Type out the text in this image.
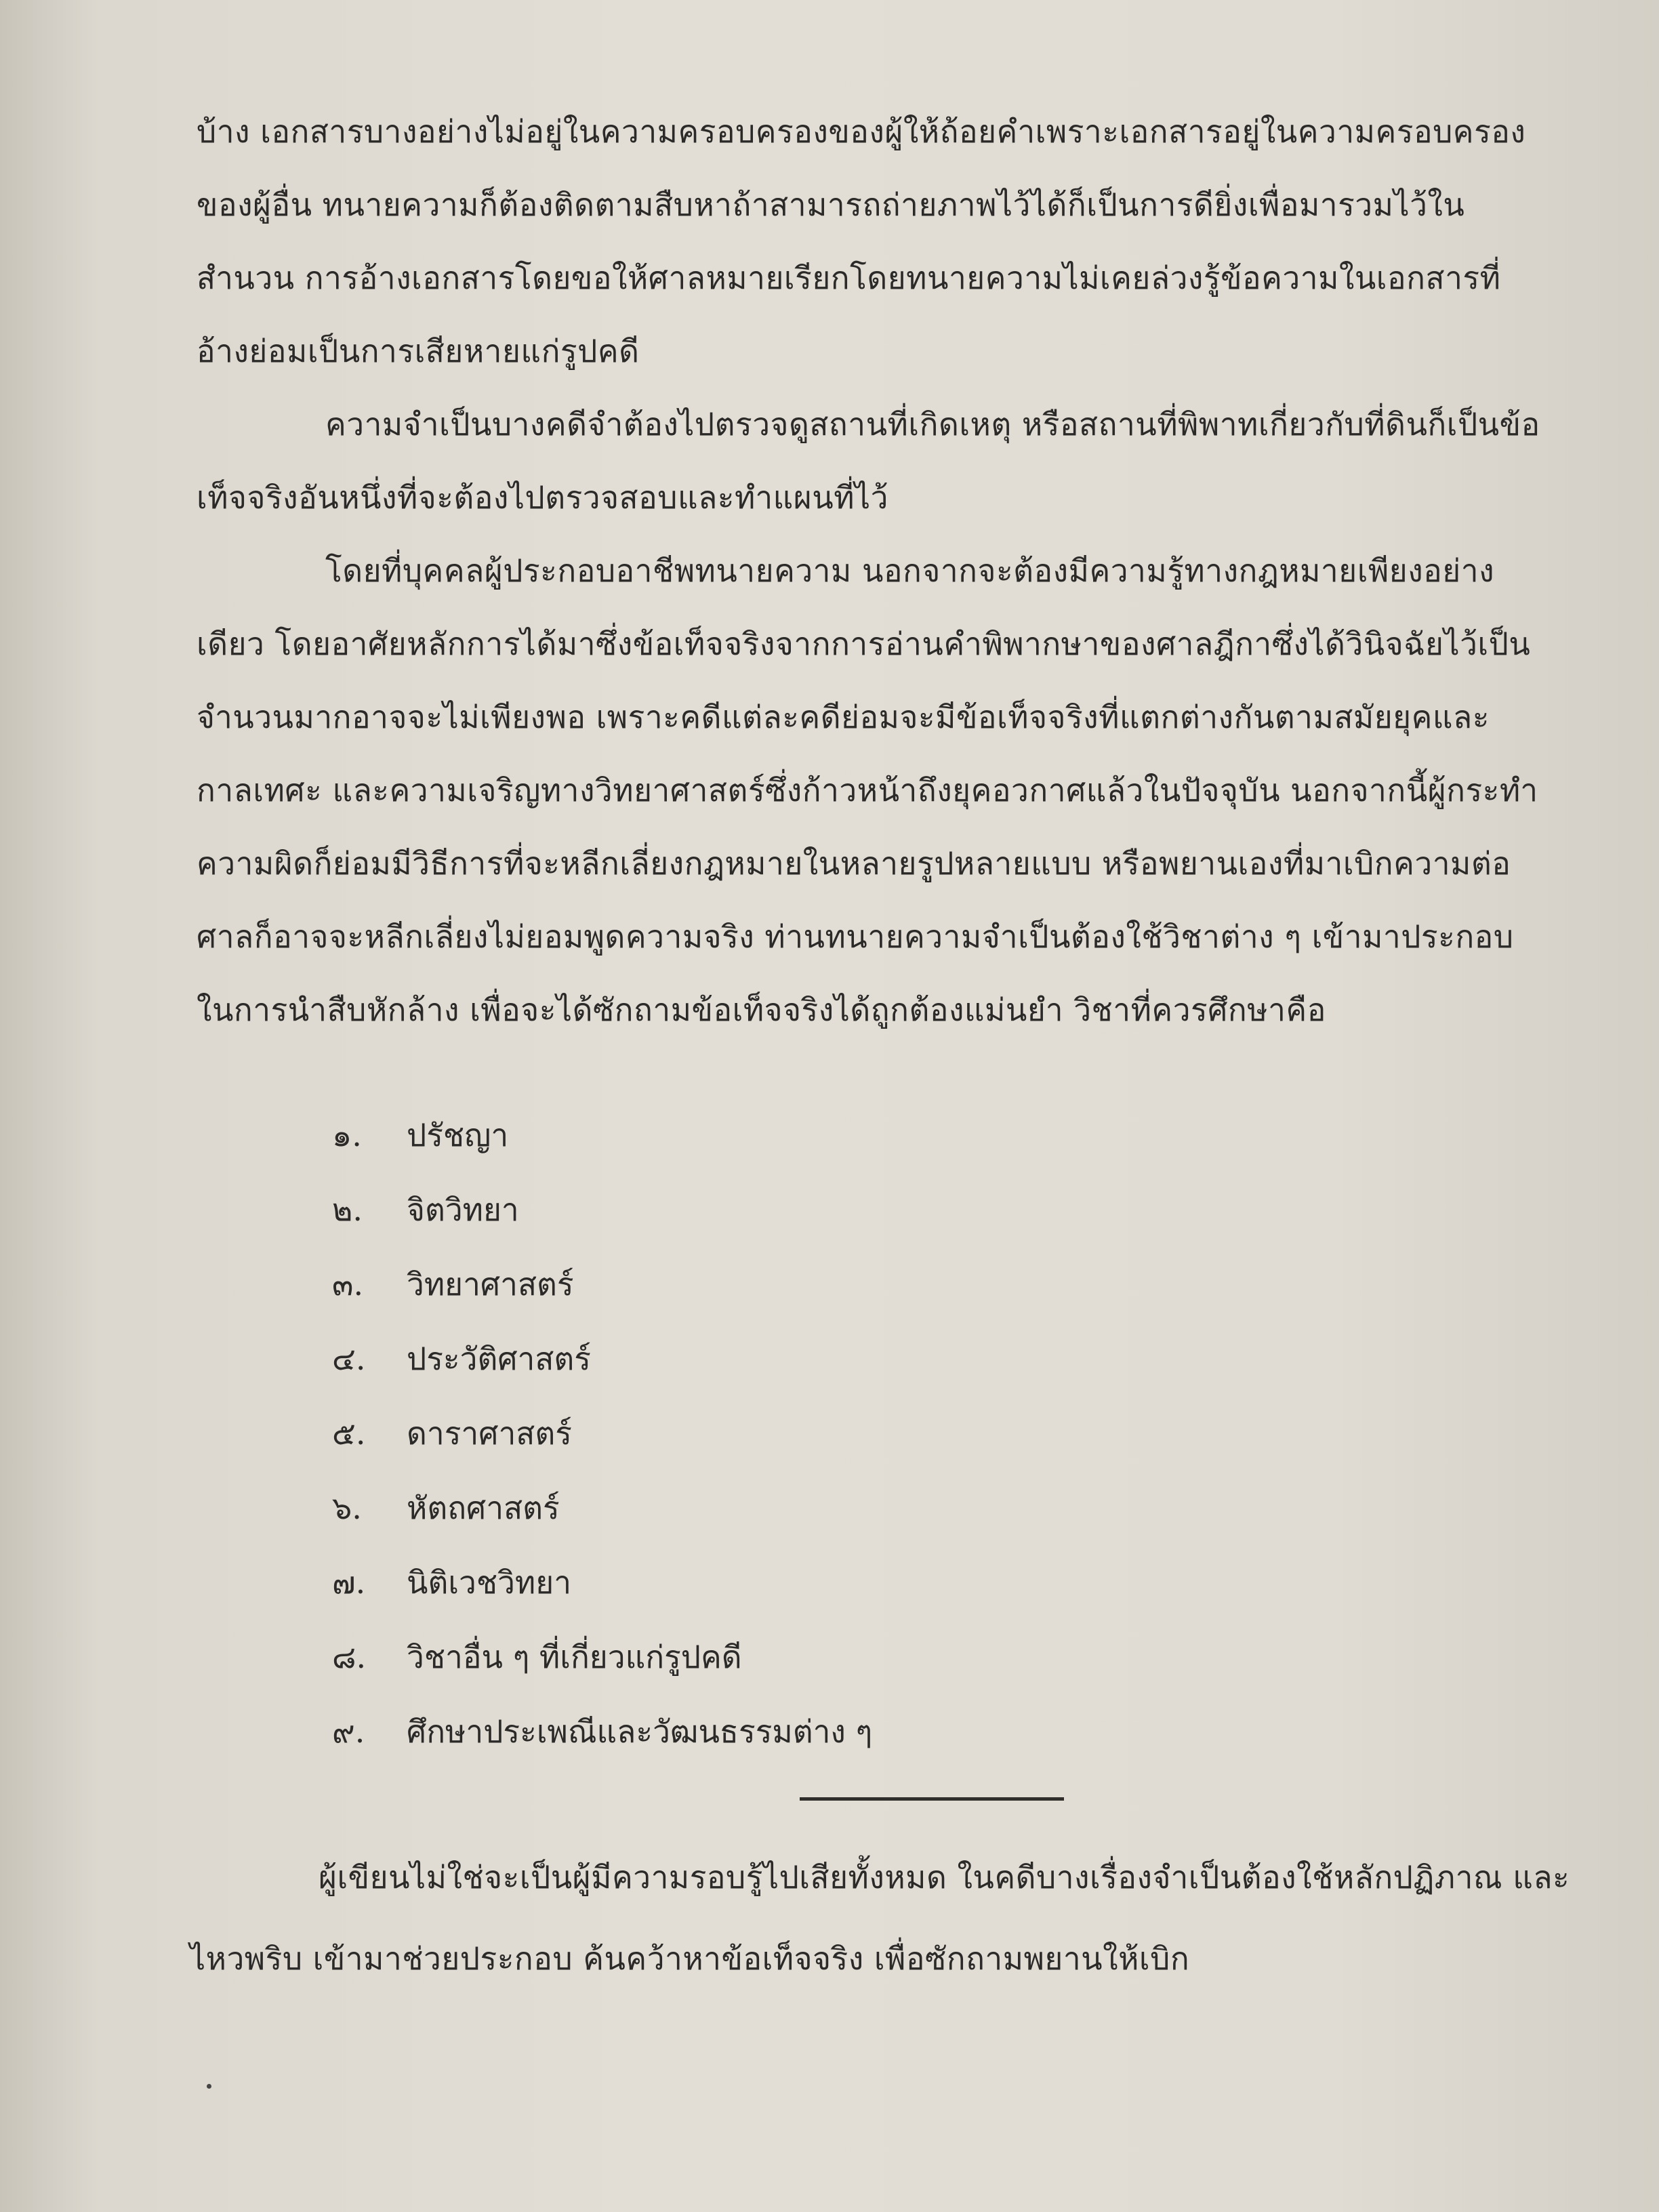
บ้าง เอกสารบางอย่างไม่อยู่ในความครอบครองของผู้ให้ถ้อยคำเพราะเอกสารอยู่ในความครอบครองของผู้อื่น ทนายความก็ต้องติดตามสืบหาถ้าสามารถถ่ายภาพไว้ได้ก็เป็นการดียิ่งเพื่อมารวมไว้ในสำนวน การอ้างเอกสารโดยขอให้ศาลหมายเรียกโดยทนายความไม่เคยล่วงรู้ข้อความในเอกสารที่อ้างย่อมเป็นการเสียหายแก่รูปคดี

ความจำเป็นบางคดีจำต้องไปตรวจดูสถานที่เกิดเหตุ หรือสถานที่พิพาทเกี่ยวกับที่ดินก็เป็นข้อเท็จจริงอันหนึ่งที่จะต้องไปตรวจสอบและทำแผนที่ไว้

โดยที่บุคคลผู้ประกอบอาชีพทนายความ นอกจากจะต้องมีความรู้ทางกฎหมายเพียงอย่างเดียว โดยอาศัยหลักการได้มาซึ่งข้อเท็จจริงจากการอ่านคำพิพากษาของศาลฎีกาซึ่งได้วินิจฉัยไว้เป็นจำนวนมากอาจจะไม่เพียงพอ เพราะคดีแต่ละคดีย่อมจะมีข้อเท็จจริงที่แตกต่างกันตามสมัยยุคและกาลเทศะ และความเจริญทางวิทยาศาสตร์ซึ่งก้าวหน้าถึงยุคอวกาศแล้วในปัจจุบัน นอกจากนี้ผู้กระทำความผิดก็ย่อมมีวิธีการที่จะหลีกเลี่ยงกฎหมายในหลายรูปหลายแบบ หรือพยานเองที่มาเบิกความต่อศาลก็อาจจะหลีกเลี่ยงไม่ยอมพูดความจริง ท่านทนายความจำเป็นต้องใช้วิชาต่าง ๆ เข้ามาประกอบในการนำสืบหักล้าง เพื่อจะได้ซักถามข้อเท็จจริงได้ถูกต้องแม่นยำ วิชาที่ควรศึกษาคือ

๑.	ปรัชญา
๒.	จิตวิทยา
๓.	วิทยาศาสตร์
๔.	ประวัติศาสตร์
๕.	ดาราศาสตร์
๖.	หัตถศาสตร์
๗.	นิติเวชวิทยา
๘.	วิชาอื่น ๆ ที่เกี่ยวแก่รูปคดี
๙.	ศึกษาประเพณีและวัฒนธรรมต่าง ๆ

ผู้เขียนไม่ใช่จะเป็นผู้มีความรอบรู้ไปเสียทั้งหมด ในคดีบางเรื่องจำเป็นต้องใช้หลักปฏิภาณ และไหวพริบ เข้ามาช่วยประกอบ ค้นคว้าหาข้อเท็จจริง เพื่อซักถามพยานให้เบิก
